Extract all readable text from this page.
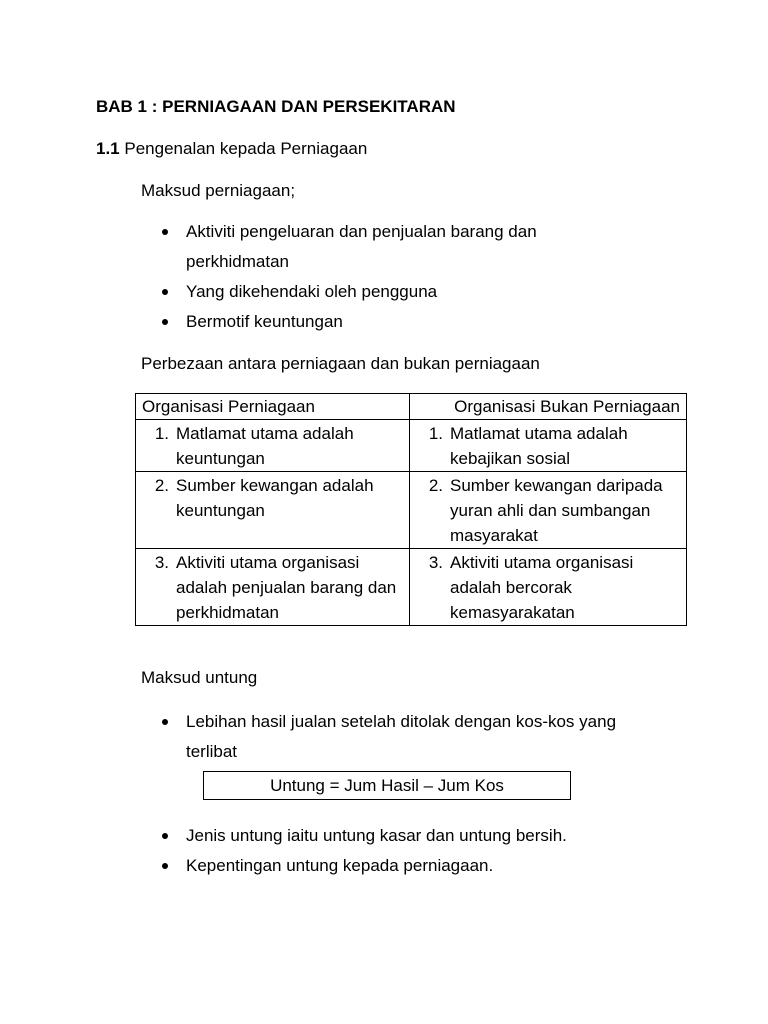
BAB 1 : PERNIAGAAN DAN PERSEKITARAN
1.1 Pengenalan kepada Perniagaan
Maksud perniagaan;
Aktiviti pengeluaran dan penjualan barang dan perkhidmatan
Yang dikehendaki oleh pengguna
Bermotif keuntungan
Perbezaan antara perniagaan dan bukan perniagaan
Organisasi Perniagaan	Organisasi Bukan Perniagaan

1. Matlamat utama adalah keuntungan	1. Matlamat utama adalah kebajikan sosial

2. Sumber kewangan adalah keuntungan	2. Sumber kewangan daripada yuran ahli dan sumbangan masyarakat

3. Aktiviti utama organisasi adalah penjualan barang dan perkhidmatan	3. Aktiviti utama organisasi adalah bercorak kemasyarakatan
Maksud untung
Lebihan hasil jualan setelah ditolak dengan kos-kos yang terlibat
Untung = Jum Hasil – Jum Kos
Jenis untung iaitu untung kasar dan untung bersih.
Kepentingan untung kepada perniagaan.
